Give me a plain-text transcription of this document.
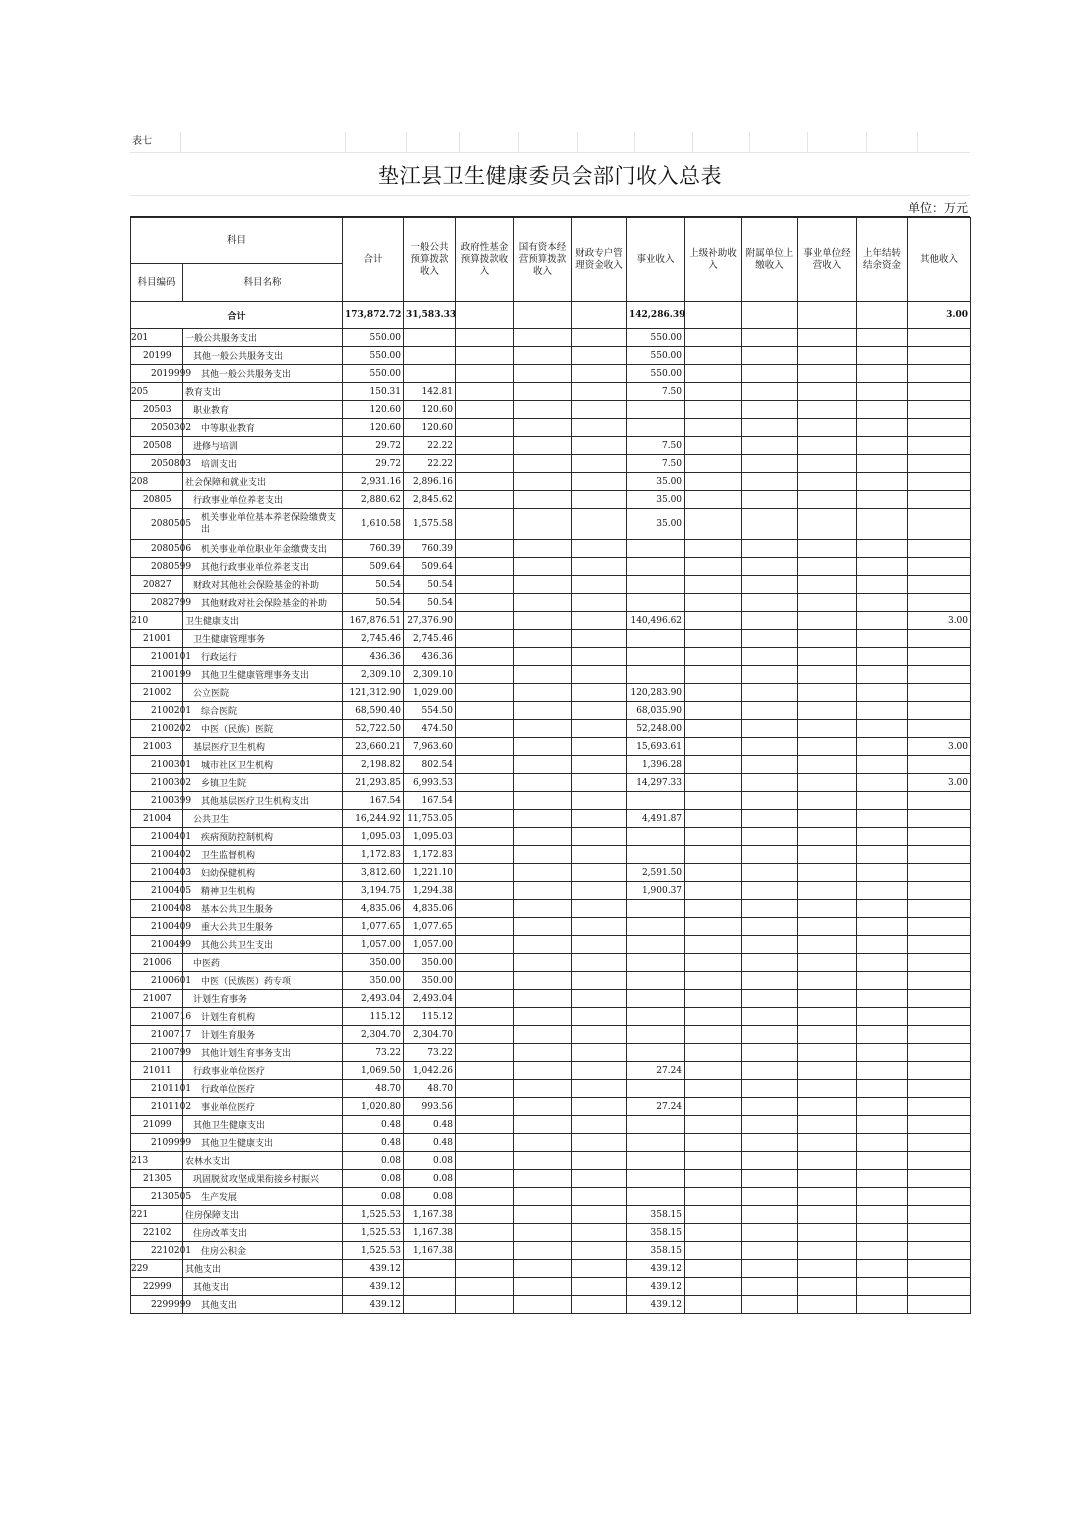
表七
垫江县卫生健康委员会部门收入总表
单位：万元
科目		合计	一般公共预算拨款收入	政府性基金预算拨款收入	国有资本经营预算拨款收入	财政专户管理资金收入	事业收入	上级补助收入	附属单位上缴收入	事业单位经营收入	上年结转结余资金	其他收入
科目编码	科目名称											
合计		173,872.72	31,583.33				142,286.39					3.00
201	一般公共服务支出	550.00					550.00					
20199	其他一般公共服务支出	550.00					550.00					
2019999	其他一般公共服务支出	550.00					550.00					
205	教育支出	150.31	142.81				7.50					
20503	职业教育	120.60	120.60									
2050302	中等职业教育	120.60	120.60									
20508	进修与培训	29.72	22.22				7.50					
2050803	培训支出	29.72	22.22				7.50					
208	社会保障和就业支出	2,931.16	2,896.16				35.00					
20805	行政事业单位养老支出	2,880.62	2,845.62				35.00					
2080505	机关事业单位基本养老保险缴费支出	1,610.58	1,575.58				35.00					
2080506	机关事业单位职业年金缴费支出	760.39	760.39									
2080599	其他行政事业单位养老支出	509.64	509.64									
20827	财政对其他社会保险基金的补助	50.54	50.54									
2082799	其他财政对社会保险基金的补助	50.54	50.54									
210	卫生健康支出	167,876.51	27,376.90				140,496.62					3.00
21001	卫生健康管理事务	2,745.46	2,745.46									
2100101	行政运行	436.36	436.36									
2100199	其他卫生健康管理事务支出	2,309.10	2,309.10									
21002	公立医院	121,312.90	1,029.00				120,283.90					
2100201	综合医院	68,590.40	554.50				68,035.90					
2100202	中医（民族）医院	52,722.50	474.50				52,248.00					
21003	基层医疗卫生机构	23,660.21	7,963.60				15,693.61					3.00
2100301	城市社区卫生机构	2,198.82	802.54				1,396.28					
2100302	乡镇卫生院	21,293.85	6,993.53				14,297.33					3.00
2100399	其他基层医疗卫生机构支出	167.54	167.54									
21004	公共卫生	16,244.92	11,753.05				4,491.87					
2100401	疾病预防控制机构	1,095.03	1,095.03									
2100402	卫生监督机构	1,172.83	1,172.83									
2100403	妇幼保健机构	3,812.60	1,221.10				2,591.50					
2100405	精神卫生机构	3,194.75	1,294.38				1,900.37					
2100408	基本公共卫生服务	4,835.06	4,835.06									
2100409	重大公共卫生服务	1,077.65	1,077.65									
2100499	其他公共卫生支出	1,057.00	1,057.00									
21006	中医药	350.00	350.00									
2100601	中医（民族医）药专项	350.00	350.00									
21007	计划生育事务	2,493.04	2,493.04									
2100716	计划生育机构	115.12	115.12									
2100717	计划生育服务	2,304.70	2,304.70									
2100799	其他计划生育事务支出	73.22	73.22									
21011	行政事业单位医疗	1,069.50	1,042.26				27.24					
2101101	行政单位医疗	48.70	48.70									
2101102	事业单位医疗	1,020.80	993.56				27.24					
21099	其他卫生健康支出	0.48	0.48									
2109999	其他卫生健康支出	0.48	0.48									
213	农林水支出	0.08	0.08									
21305	巩固脱贫攻坚成果衔接乡村振兴	0.08	0.08									
2130505	生产发展	0.08	0.08									
221	住房保障支出	1,525.53	1,167.38				358.15					
22102	住房改革支出	1,525.53	1,167.38				358.15					
2210201	住房公积金	1,525.53	1,167.38				358.15					
229	其他支出	439.12					439.12					
22999	其他支出	439.12					439.12					
2299999	其他支出	439.12					439.12					
